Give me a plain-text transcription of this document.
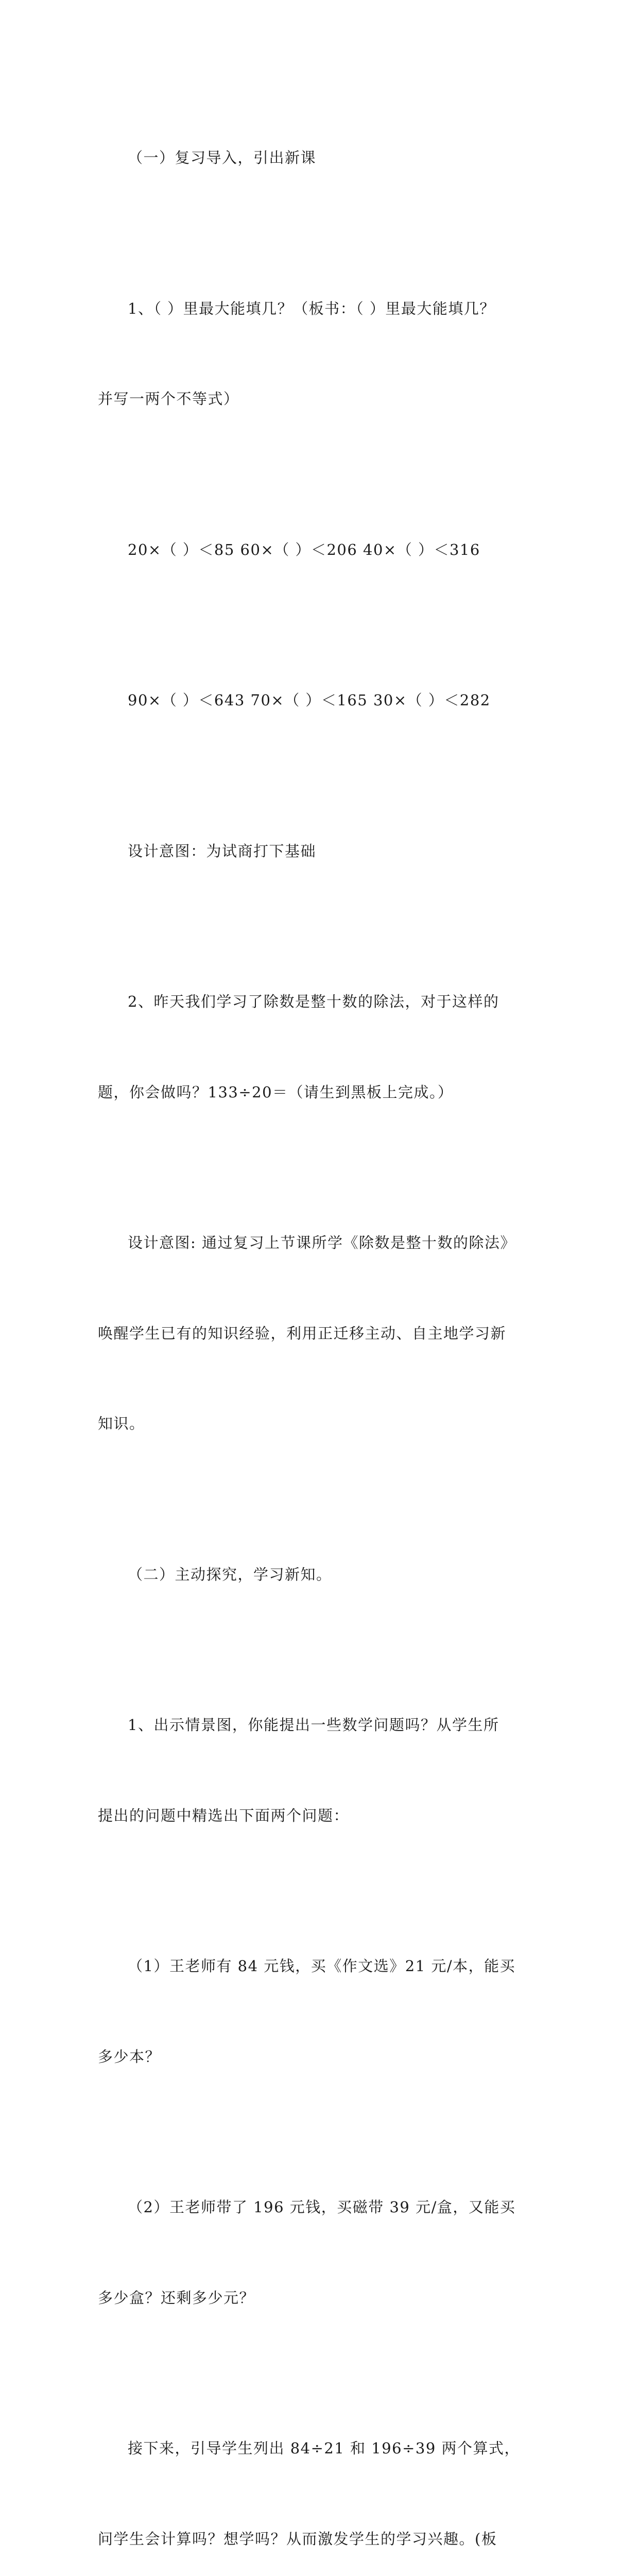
（一）复习导入，引出新课

1、（ ）里最大能填几？（板书：（ ）里最大能填几？

并写一两个不等式）

20×（ ）＜85 60×（ ）＜206 40×（ ）＜316

90×（ ）＜643 70×（ ）＜165 30×（ ）＜282

设计意图：为试商打下基础

2、昨天我们学习了除数是整十数的除法，对于这样的

题，你会做吗？133÷20＝（请生到黑板上完成。）

设计意图: 通过复习上节课所学《除数是整十数的除法》

唤醒学生已有的知识经验，利用正迁移主动、自主地学习新

知识。

（二）主动探究，学习新知。

1、出示情景图，你能提出一些数学问题吗？从学生所

提出的问题中精选出下面两个问题：

（1）王老师有 84 元钱，买《作文选》21 元/本，能买

多少本？

（2）王老师带了 196 元钱，买磁带 39 元/盒，又能买

多少盒？还剩多少元？

接下来，引导学生列出 84÷21 和 196÷39 两个算式，

问学生会计算吗？想学吗？从而激发学生的学习兴趣。(板
